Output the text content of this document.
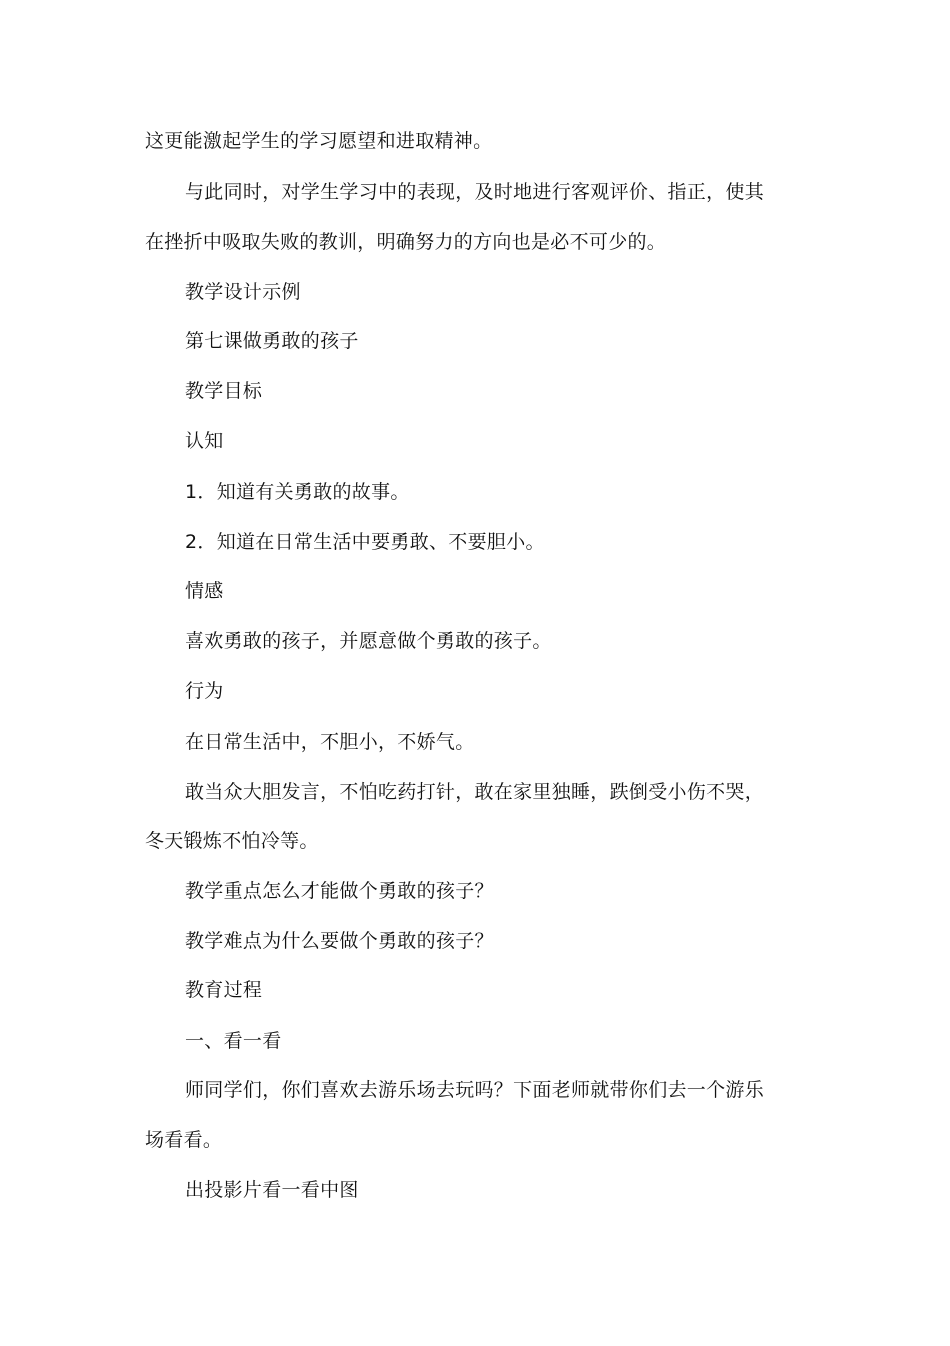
这更能激起学生的学习愿望和进取精神。
与此同时，对学生学习中的表现，及时地进行客观评价、指正，使其
在挫折中吸取失败的教训，明确努力的方向也是必不可少的。
教学设计示例
第七课做勇敢的孩子
教学目标
认知
1．知道有关勇敢的故事。
2．知道在日常生活中要勇敢、不要胆小。
情感
喜欢勇敢的孩子，并愿意做个勇敢的孩子。
行为
在日常生活中，不胆小，不娇气。
敢当众大胆发言，不怕吃药打针，敢在家里独睡，跌倒受小伤不哭，
冬天锻炼不怕冷等。
教学重点怎么才能做个勇敢的孩子？
教学难点为什么要做个勇敢的孩子？
教育过程
一、看一看
师同学们，你们喜欢去游乐场去玩吗？下面老师就带你们去一个游乐
场看看。
出投影片看一看中图
